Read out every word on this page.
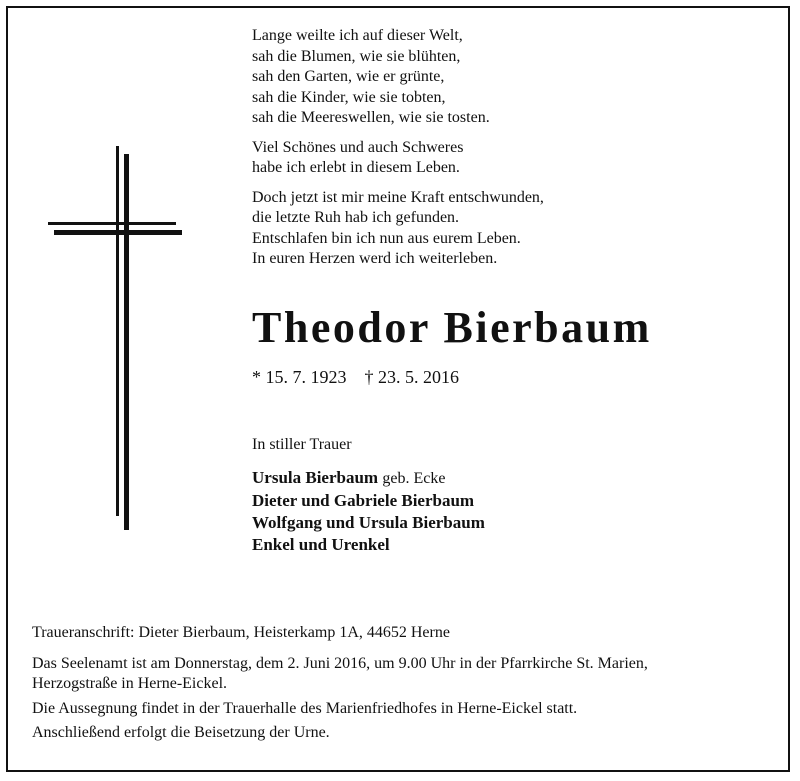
Lange weilte ich auf dieser Welt,
sah die Blumen, wie sie blühten,
sah den Garten, wie er grünte,
sah die Kinder, wie sie tobten,
sah die Meereswellen, wie sie tosten.
Viel Schönes und auch Schweres
habe ich erlebt in diesem Leben.
Doch jetzt ist mir meine Kraft entschwunden,
die letzte Ruh hab ich gefunden.
Entschlafen bin ich nun aus eurem Leben.
In euren Herzen werd ich weiterleben.
Theodor Bierbaum
* 15. 7. 1923 † 23. 5. 2016
In stiller Trauer
Ursula Bierbaum geb. Ecke
Dieter und Gabriele Bierbaum
Wolfgang und Ursula Bierbaum
Enkel und Urenkel
Traueranschrift: Dieter Bierbaum, Heisterkamp 1A, 44652 Herne
Das Seelenamt ist am Donnerstag, dem 2. Juni 2016, um 9.00 Uhr in der Pfarrkirche St. Marien,
Herzogstraße in Herne-Eickel.
Die Aussegnung findet in der Trauerhalle des Marienfriedhofes in Herne-Eickel statt.
Anschließend erfolgt die Beisetzung der Urne.
